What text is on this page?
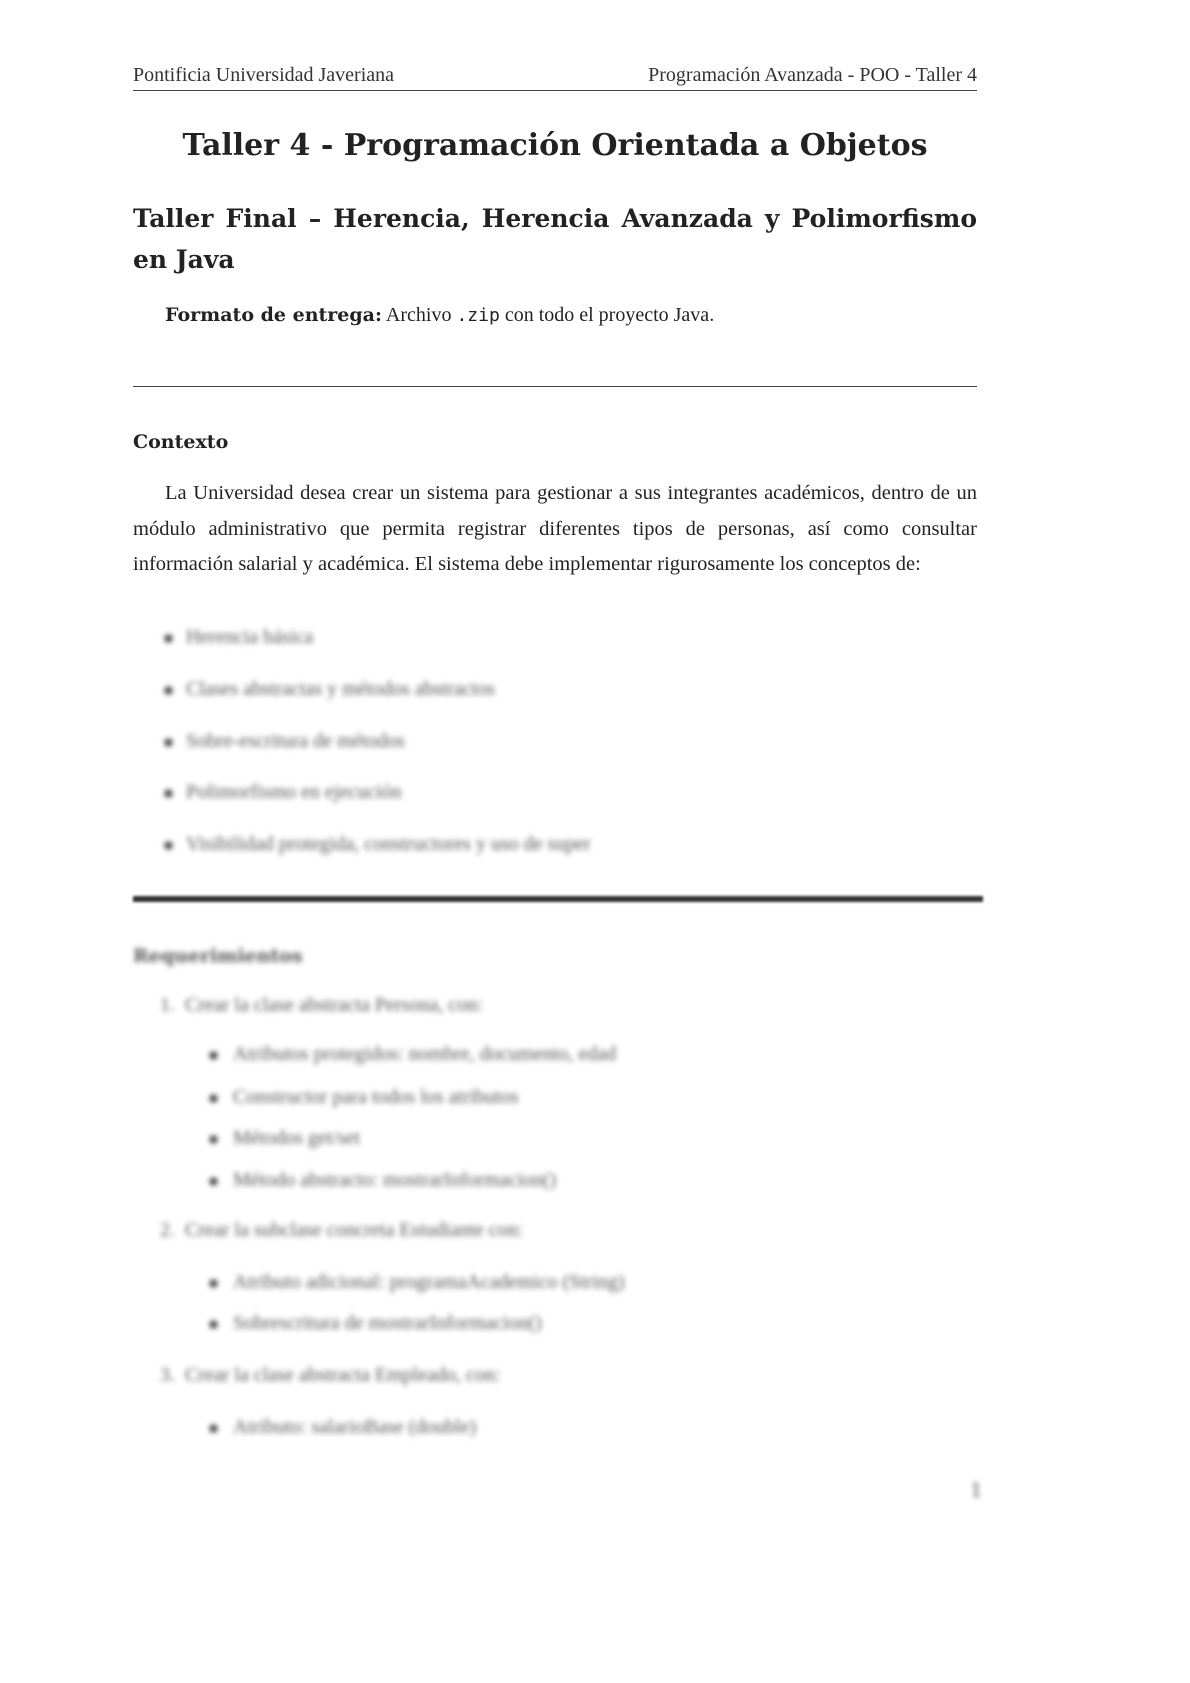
Pontificia Universidad Javeriana	Programación Avanzada - POO - Taller 4
Taller 4 - Programación Orientada a Objetos
Taller Final – Herencia, Herencia Avanzada y Polimorfismo en Java
Formato de entrega: Archivo .zip con todo el proyecto Java.
Contexto
La Universidad desea crear un sistema para gestionar a sus integrantes académicos, dentro de un módulo administrativo que permita registrar diferentes tipos de personas, así como consultar información salarial y académica. El sistema debe implementar rigurosamente los conceptos de:
Herencia básica
Clases abstractas y métodos abstractos
Sobre-escritura de métodos
Polimorfismo en ejecución
Visibilidad protegida, constructores y uso de super
Requerimientos
1. Crear la clase abstracta Persona, con:
Atributos protegidos: nombre, documento, edad
Constructor para todos los atributos
Métodos get/set
Método abstracto: mostrarInformacion()
2. Crear la subclase concreta Estudiante con:
Atributo adicional: programaAcademico (String)
Sobrescritura de mostrarInformacion()
3. Crear la clase abstracta Empleado, con:
Atributo: salarioBase (double)
1
